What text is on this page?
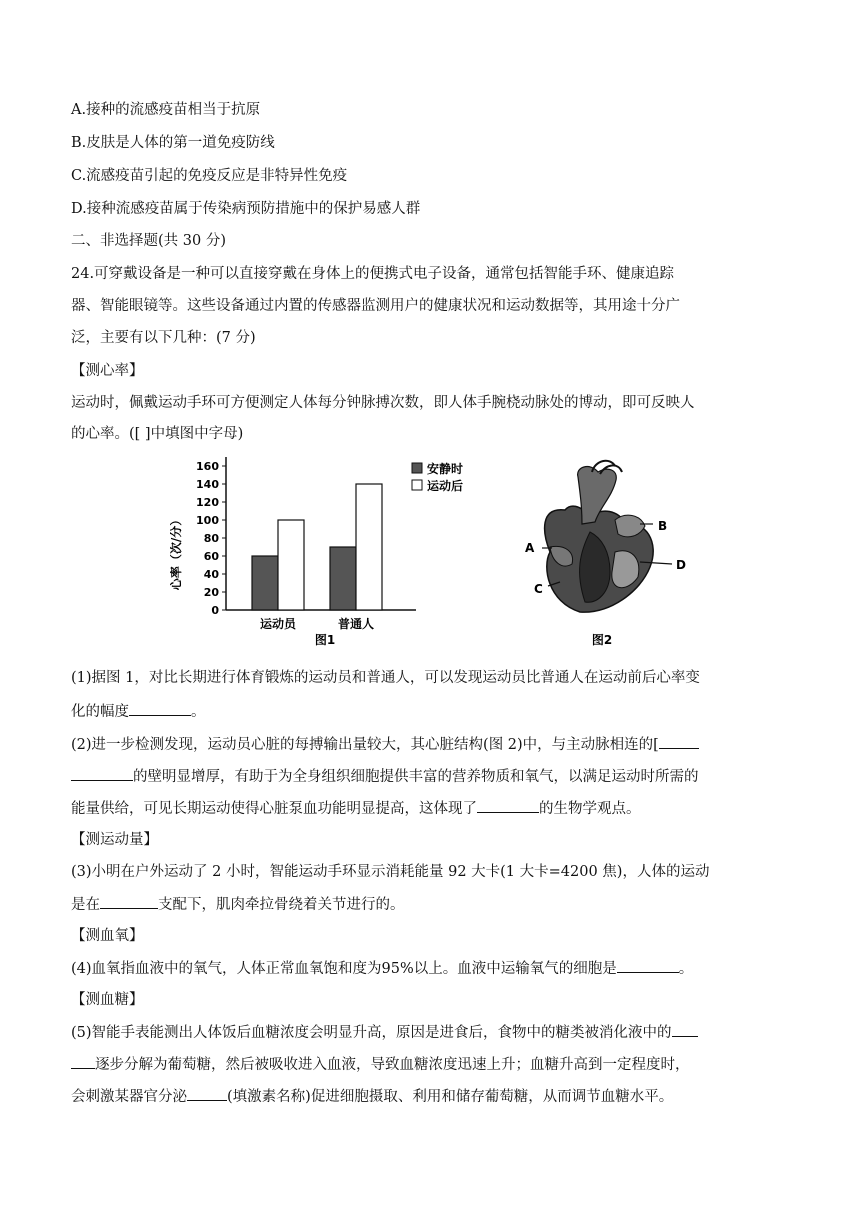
A.接种的流感疫苗相当于抗原
B.皮肤是人体的第一道免疫防线
C.流感疫苗引起的免疫反应是非特异性免疫
D.接种流感疫苗属于传染病预防措施中的保护易感人群
二、非选择题(共 30 分)
24.可穿戴设备是一种可以直接穿戴在身体上的便携式电子设备，通常包括智能手环、健康追踪
器、智能眼镜等。这些设备通过内置的传感器监测用户的健康状况和运动数据等，其用途十分广
泛，主要有以下几种：(7 分)
【测心率】
运动时，佩戴运动手环可方便测定人体每分钟脉搏次数，即人体手腕桡动脉处的博动，即可反映人
的心率。([ ]中填图中字母)
心率（次/分）
0
20
40
60
80
100
120
140
160
运动员	普通人
安静时
运动后
图1
A
B
C
D
图2
(1)据图 1，对比长期进行体育锻炼的运动员和普通人，可以发现运动员比普通人在运动前后心率变
化的幅度	。
(2)进一步检测发现，运动员心脏的每搏输出量较大，其心脏结构(图 2)中，与主动脉相连的[
的壁明显增厚，有助于为全身组织细胞提供丰富的营养物质和氧气，以满足运动时所需的
能量供给，可见长期运动使得心脏泵血功能明显提高，这体现了	的生物学观点。
【测运动量】
(3)小明在户外运动了 2 小时，智能运动手环显示消耗能量 92 大卡(1 大卡=4200 焦)，人体的运动
是在	支配下，肌肉牵拉骨绕着关节进行的。
【测血氧】
(4)血氧指血液中的氧气，人体正常血氧饱和度为95%以上。血液中运输氧气的细胞是	。
【测血糖】
(5)智能手表能测出人体饭后血糖浓度会明显升高，原因是进食后，食物中的糖类被消化液中的
逐步分解为葡萄糖，然后被吸收进入血液，导致血糖浓度迅速上升；血糖升高到一定程度时，
会刺激某器官分泌	(填激素名称)促进细胞摄取、利用和储存葡萄糖，从而调节血糖水平。
